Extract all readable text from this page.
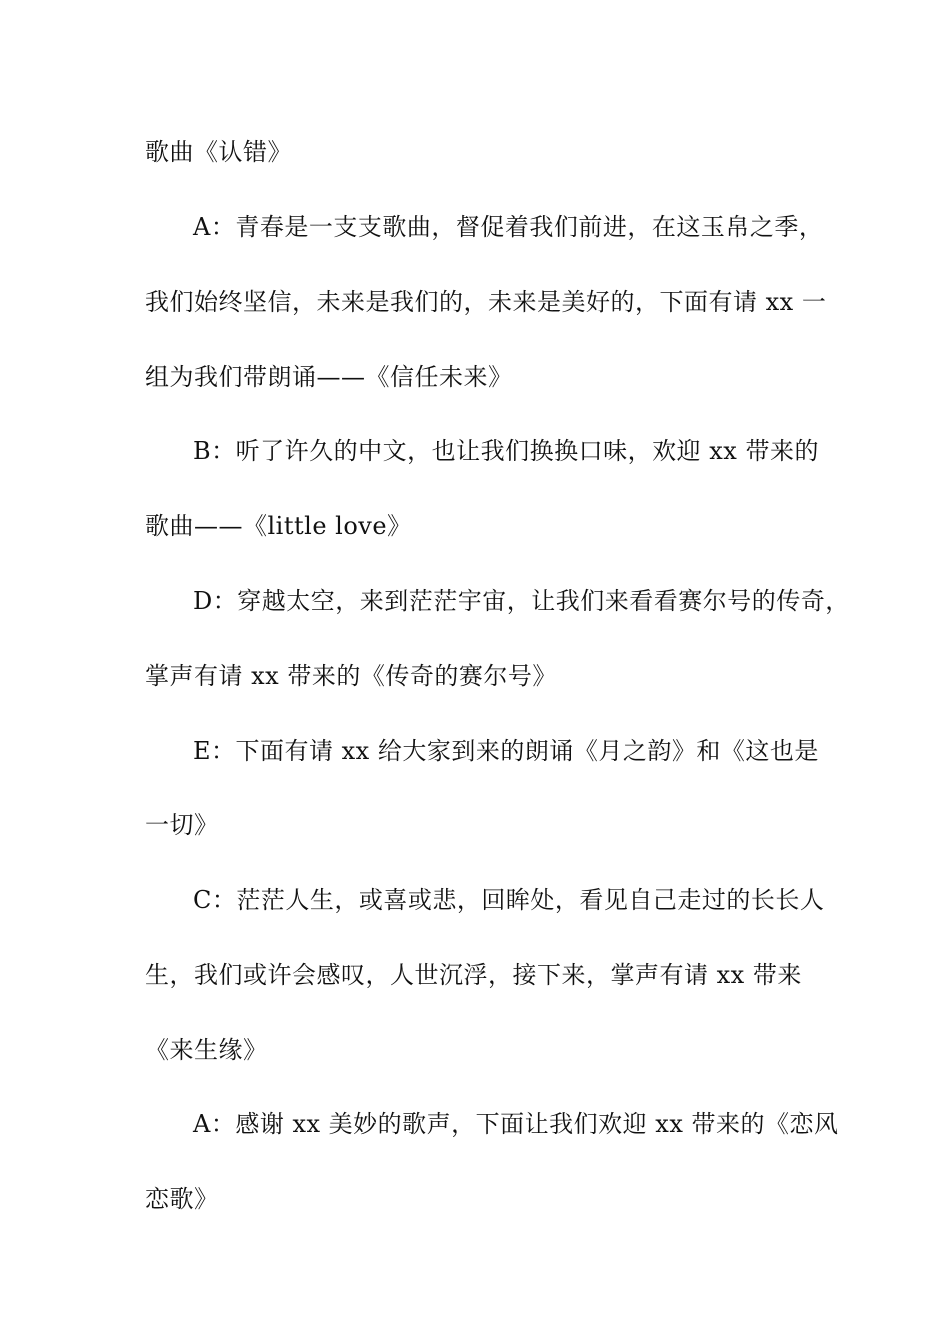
歌曲《认错》
A：青春是一支支歌曲，督促着我们前进，在这玉帛之季，
我们始终坚信，未来是我们的，未来是美好的，下面有请 xx 一
组为我们带朗诵——《信任未来》
B：听了许久的中文，也让我们换换口味，欢迎 xx 带来的
歌曲——《little love》
D：穿越太空，来到茫茫宇宙，让我们来看看赛尔号的传奇，
掌声有请 xx 带来的《传奇的赛尔号》
E：下面有请 xx 给大家到来的朗诵《月之韵》和《这也是
一切》
C：茫茫人生，或喜或悲，回眸处，看见自己走过的长长人
生，我们或许会感叹，人世沉浮，接下来，掌声有请 xx 带来
《来生缘》
A：感谢 xx 美妙的歌声，下面让我们欢迎 xx 带来的《恋风
恋歌》
